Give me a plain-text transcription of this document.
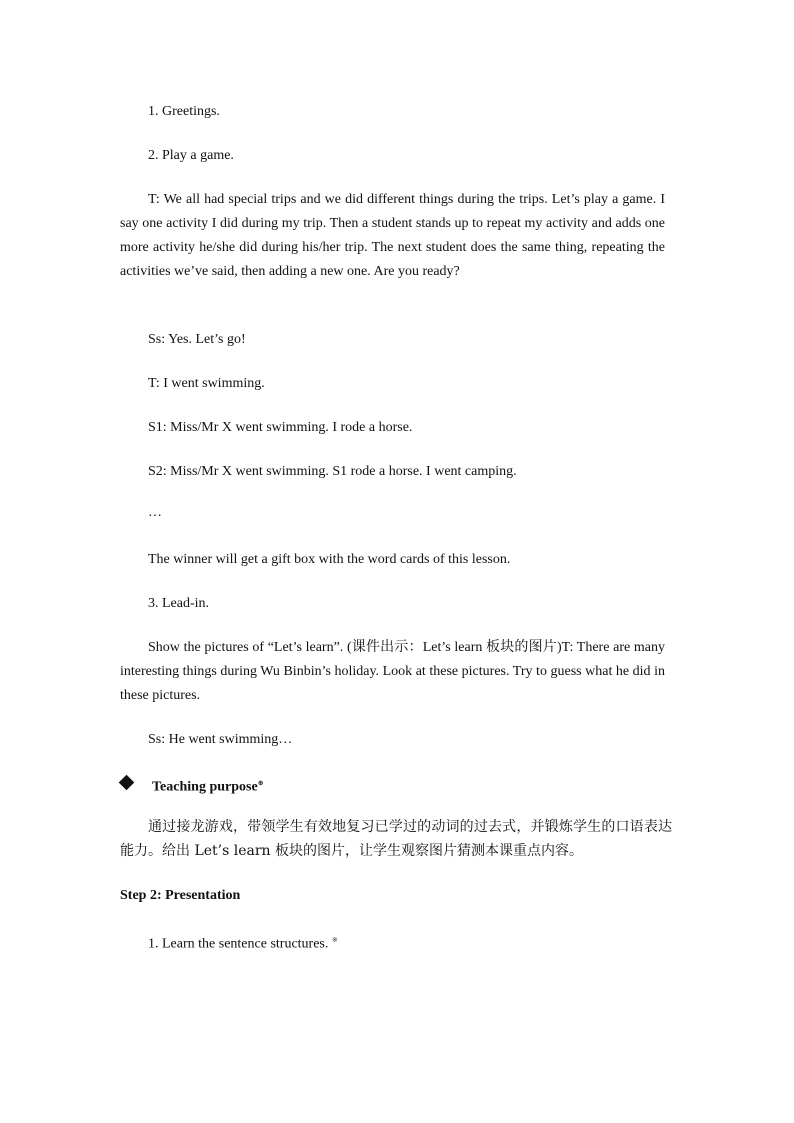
1. Greetings.
2. Play a game.

T: We all had special trips and we did different things during the trips. Let’s play a game. I say one activity I did during my trip. Then a student stands up to repeat my activity and adds one more activity he/she did during his/her trip. The next student does the same thing, repeating the activities we’ve said, then adding a new one. Are you ready?

Ss: Yes. Let’s go!
T: I went swimming.
S1: Miss/Mr X went swimming. I rode a horse.
S2: Miss/Mr X went swimming. S1 rode a horse. I went camping.
…
The winner will get a gift box with the word cards of this lesson.
3. Lead-in.

Show the pictures of “Let’s learn”. (课件出示：Let’s learn 板块的图片)T: There are many interesting things during Wu Binbin’s holiday. Look at these pictures. Try to guess what he did in these pictures.

Ss: He went swimming…
Teaching purpose⊕

通过接龙游戏，带领学生有效地复习已学过的动词的过去式，并锻炼学生的口语表达能力。给出 Let’s learn 板块的图片，让学生观察图片猜测本课重点内容。

Step 2: Presentation
1. Learn the sentence structures. ※
